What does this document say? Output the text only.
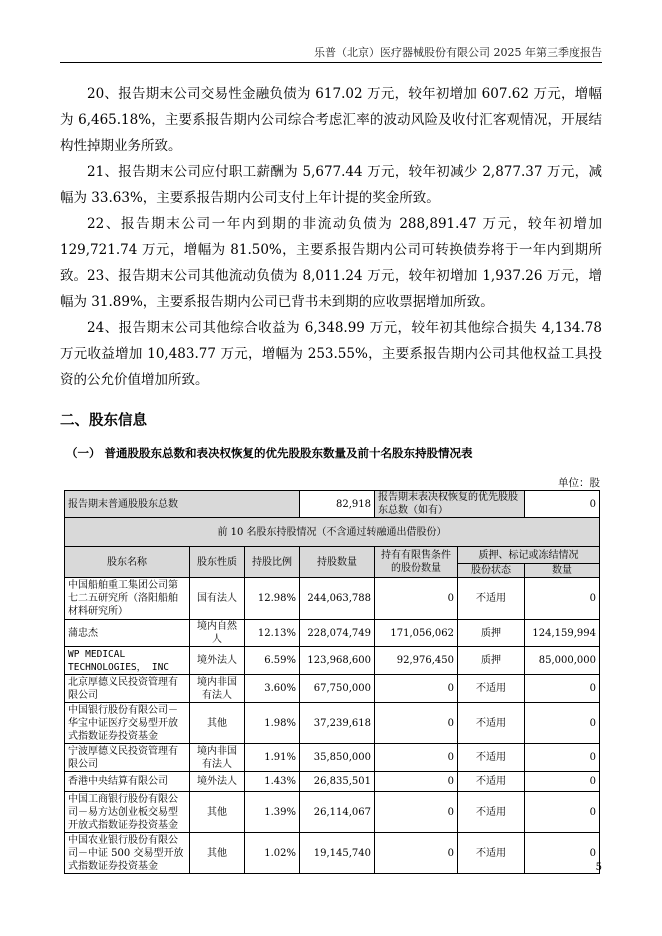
乐普（北京）医疗器械股份有限公司 2025 年第三季度报告

20、报告期末公司交易性金融负债为 617.02 万元，较年初增加 607.62 万元，增幅为 6,465.18%，主要系报告期内公司综合考虑汇率的波动风险及收付汇客观情况，开展结构性掉期业务所致。

21、报告期末公司应付职工薪酬为 5,677.44 万元，较年初减少 2,877.37 万元，减幅为 33.63%，主要系报告期内公司支付上年计提的奖金所致。

22、报告期末公司一年内到期的非流动负债为 288,891.47 万元，较年初增加 129,721.74 万元，增幅为 81.50%，主要系报告期内公司可转换债券将于一年内到期所致。 23、报告期末公司其他流动负债为 8,011.24 万元，较年初增加 1,937.26 万元，增幅为 31.89%，主要系报告期内公司已背书未到期的应收票据增加所致。

24、报告期末公司其他综合收益为 6,348.99 万元，较年初其他综合损失 4,134.78 万元收益增加 10,483.77 万元，增幅为 253.55%，主要系报告期内公司其他权益工具投资的公允价值增加所致。

二、股东信息
（一） 普通股股东总数和表决权恢复的优先股股东数量及前十名股东持股情况表
单位：股
报告期末普通股股东总数			82,918	报告期末表决权恢复的优先股股东总数（如有）		0
前 10 名股东持股情况（不含通过转融通出借股份）						
股东名称	股东性质	持股比例	持股数量	持有有限售条件的股份数量	质押、标记或冻结情况	
					股份状态	数量
中国船舶重工集团公司第七二五研究所（洛阳船舶材料研究所）	国有法人	12.98%	244,063,788	0	不适用	0
蒲忠杰	境内自然人	12.13%	228,074,749	171,056,062	质押	124,159,994
WP MEDICAL TECHNOLOGIES， INC	境外法人	6.59%	123,968,600	92,976,450	质押	85,000,000
北京厚德义民投资管理有限公司	境内非国有法人	3.60%	67,750,000	0	不适用	0
中国银行股份有限公司－华宝中证医疗交易型开放式指数证券投资基金	其他	1.98%	37,239,618	0	不适用	0
宁波厚德义民投资管理有限公司	境内非国有法人	1.91%	35,850,000	0	不适用	0
香港中央结算有限公司	境外法人	1.43%	26,835,501	0	不适用	0
中国工商银行股份有限公司－易方达创业板交易型开放式指数证券投资基金	其他	1.39%	26,114,067	0	不适用	0
中国农业银行股份有限公司－中证 500 交易型开放式指数证券投资基金	其他	1.02%	19,145,740	0	不适用	0
5
